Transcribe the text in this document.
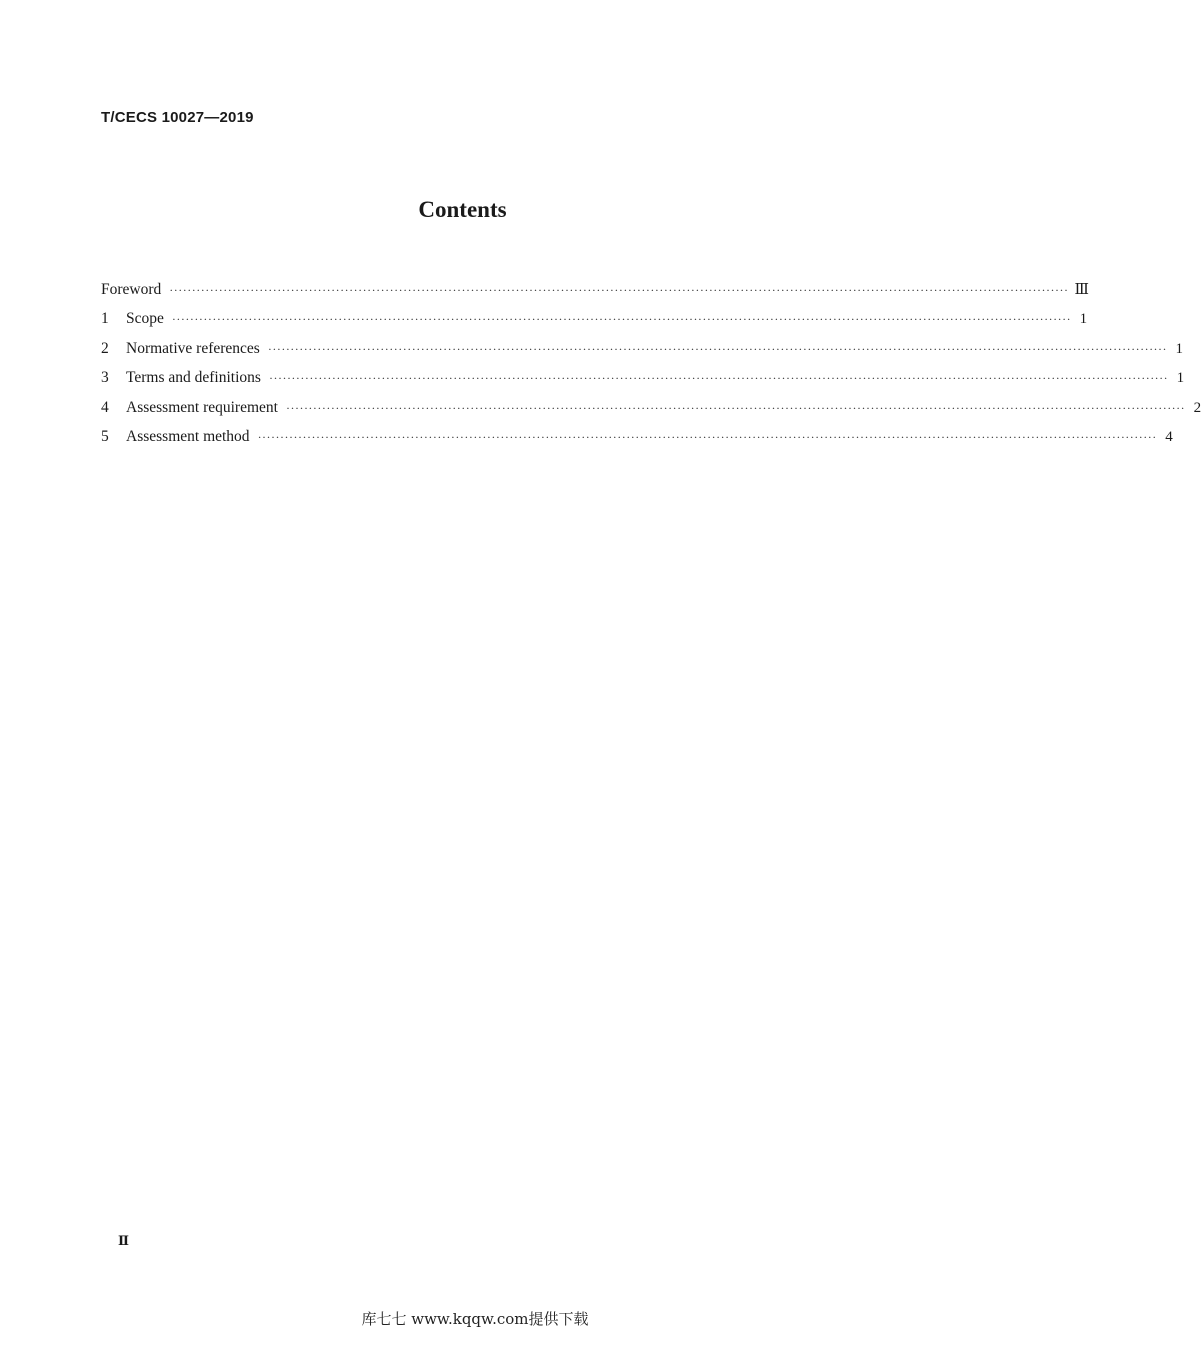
T/CECS 10027—2019
Contents
Foreword ········································································································································································································ Ⅲ
1	Scope ········································································································································································································ 1
2	Normative references ········································································································································································································ 1
3	Terms and definitions ········································································································································································································ 1
4	Assessment requirement ········································································································································································································ 2
5	Assessment method ········································································································································································································ 4
Ⅱ
库七七 www.kqqw.com提供下载
